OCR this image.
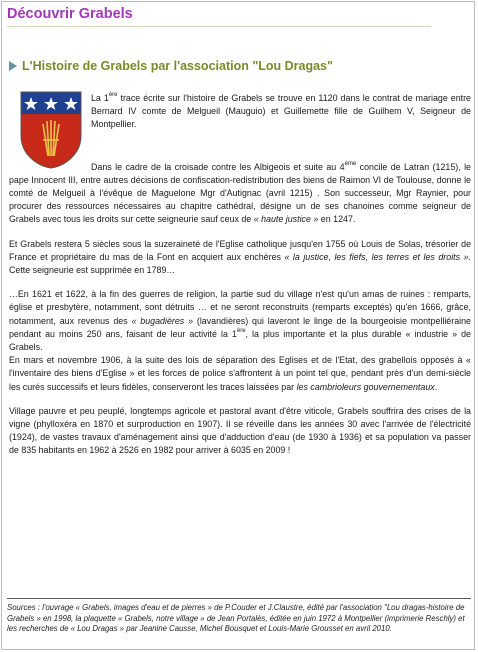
Découvrir Grabels
L'Histoire de Grabels par l'association "Lou Dragas"

La 1ère trace écrite sur l'histoire de Grabels se trouve en 1120 dans le contrat de mariage entre Bernard IV comte de Melgueil (Mauguio) et Guillemette fille de Guilhem V, Seigneur de Montpellier.

Dans le cadre de la croisade contre les Albigeois et suite au 4ème concile de Latran (1215), le pape Innocent III, entre autres décisions de confiscation-redistribution des biens de Raimon VI de Toulouse, donne le comté de Melgueil à l'évêque de Maguelone Mgr d'Autignac (avril 1215) . Son successeur, Mgr Raynier, pour procurer des ressources nécessaires au chapitre cathédral, désigne un de ses chanoines comme seigneur de Grabels avec tous les droits sur cette seigneurie sauf ceux de « haute justice » en 1247.

Et Grabels restera 5 siècles sous la suzeraineté de l'Eglise catholique jusqu'en 1755 où Louis de Solas, trésorier de France et propriétaire du mas de la Font en acquiert aux enchères « la justice, les fiefs, les terres et les droits ». Cette seigneurie est supprimée en 1789…

…En 1621 et 1622, à la fin des guerres de religion, la partie sud du village n'est qu'un amas de ruines : remparts, église et presbytère, notamment, sont détruits … et ne seront reconstruits (remparts exceptés) qu'en 1666, grâce, notamment, aux revenus des « bugadières » (lavandières) qui laveront le linge de la bourgeoisie montpelliéraine pendant au moins 250 ans, faisant de leur activité la 1ère, la plus importante et la plus durable « industrie » de Grabels.

En mars et novembre 1906, à la suite des lois de séparation des Eglises et de l'Etat, des grabellois opposés à « l'inventaire des biens d'Eglise » et les forces de police s'affrontent à un point tel que, pendant près d'un demi-siècle les curés successifs et leurs fidèles, conserveront les traces laissées par les cambrioleurs gouvernementaux.

Village pauvre et peu peuplé, longtemps agricole et pastoral avant d'être viticole, Grabels souffrira des crises de la vigne (phylloxéra en 1870 et surproduction en 1907). Il se réveille dans les années 30 avec l'arrivée de l'électricité (1924), de vastes travaux d'aménagement ainsi que d'adduction d'eau (de 1930 à 1936) et sa population va passer de 835 habitants en 1962 à 2526 en 1982 pour arriver à 6035 en 2009 !

Sources : l'ouvrage « Grabels, images d'eau et de pierres » de P.Couder et J.Claustre, édité par l'association "Lou dragas-histoire de Grabels » en 1998, la plaquette « Grabels, notre village » de Jean Portalès, éditée en juin 1972 à Montpellier (imprimerie Reschly) et les recherches de « Lou Dragas » par Jeanine Causse, Michel Bousquet et Louis-Marie Grousset en avril 2010.
